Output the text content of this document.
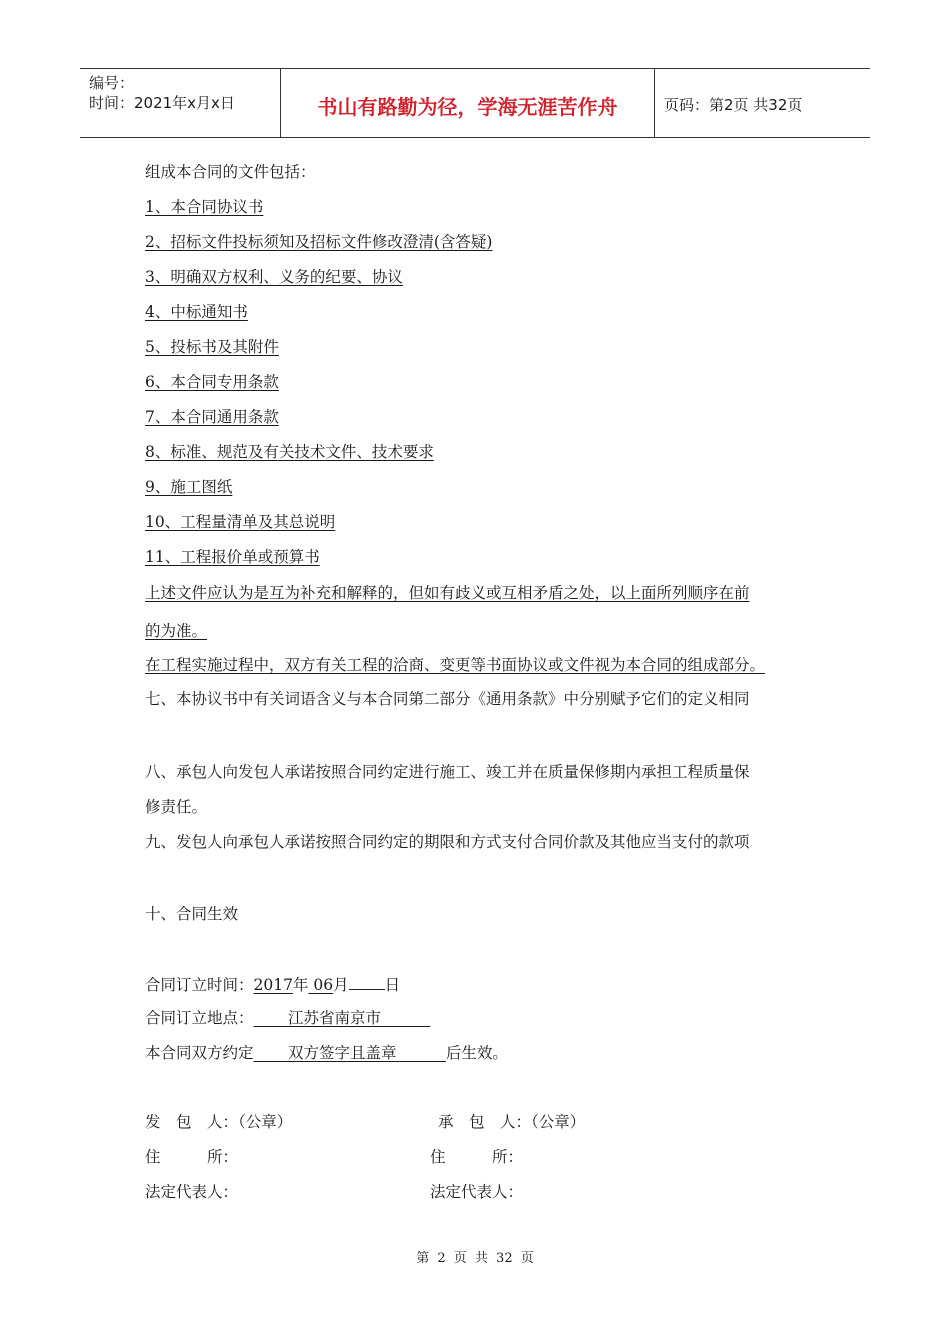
编号：
时间：2021年x月x日	书山有路勤为径，学海无涯苦作舟	页码：第2页 共32页
组成本合同的文件包括：
1、本合同协议书
2、招标文件投标须知及招标文件修改澄清(含答疑)
3、明确双方权利、义务的纪要、协议
4、中标通知书
5、投标书及其附件
6、本合同专用条款
7、本合同通用条款
8、标准、规范及有关技术文件、技术要求
9、施工图纸
10、工程量清单及其总说明
11、工程报价单或预算书
上述文件应认为是互为补充和解释的，但如有歧义或互相矛盾之处，以上面所列顺序在前
的为准。
在工程实施过程中，双方有关工程的洽商、变更等书面协议或文件视为本合同的组成部分。
七、本协议书中有关词语含义与本合同第二部分《通用条款》中分别赋予它们的定义相同
八、承包人向发包人承诺按照合同约定进行施工、竣工并在质量保修期内承担工程质量保
修责任。
九、发包人向承包人承诺按照合同约定的期限和方式支付合同价款及其他应当支付的款项
十、合同生效
合同订立时间：2017年 06月 日
合同订立地点： 江苏省南京市
本合同双方约定 双方签字且盖章	后生效。
发　包　人：（公章）	承　包　人：（公章）
住　　　所：	住　　　所：
法定代表人：	法定代表人：
第 2 页 共 32 页
